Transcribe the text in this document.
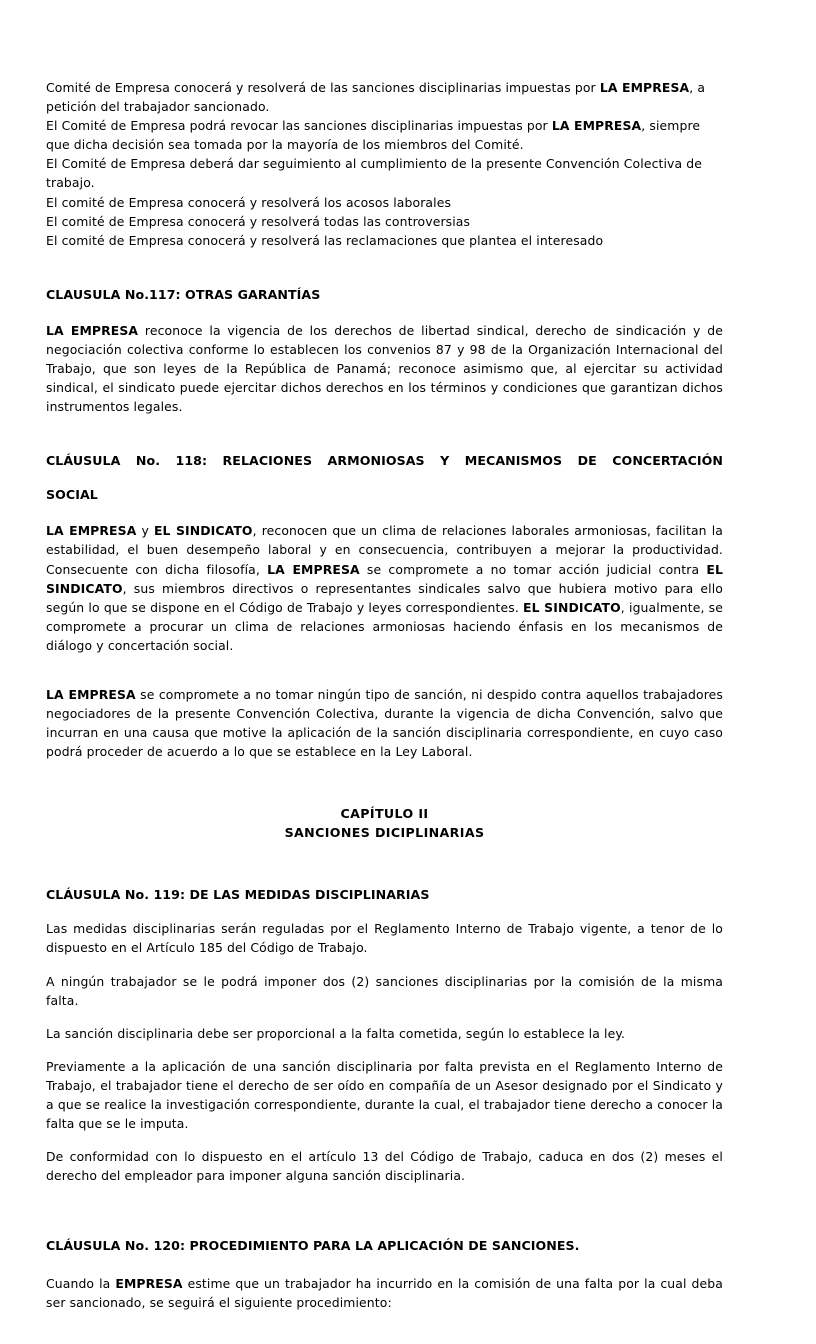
Comité de Empresa conocerá y resolverá de las sanciones disciplinarias impuestas por LA EMPRESA, a petición del trabajador sancionado.

El Comité de Empresa podrá revocar las sanciones disciplinarias impuestas por LA EMPRESA, siempre que dicha decisión sea tomada por la mayoría de los miembros del Comité.

El Comité de Empresa deberá dar seguimiento al cumplimiento de la presente Convención Colectiva de trabajo.

El comité de Empresa conocerá y resolverá los acosos laborales

El comité de Empresa conocerá y resolverá todas las controversias

El comité de Empresa conocerá y resolverá las reclamaciones que plantea el interesado

CLAUSULA No.117: OTRAS GARANTÍAS

LA EMPRESA reconoce la vigencia de los derechos de libertad sindical, derecho de sindicación y de negociación colectiva conforme lo establecen los convenios 87 y 98 de la Organización Internacional del Trabajo, que son leyes de la República de Panamá; reconoce asimismo que, al ejercitar su actividad sindical, el sindicato puede ejercitar dichos derechos en los términos y condiciones que garantizan dichos instrumentos legales.

CLÁUSULA No. 118: RELACIONES ARMONIOSAS Y MECANISMOS DE CONCERTACIÓN
SOCIAL

LA EMPRESA y EL SINDICATO, reconocen que un clima de relaciones laborales armoniosas, facilitan la estabilidad, el buen desempeño laboral y en consecuencia, contribuyen a mejorar la productividad. Consecuente con dicha filosofía, LA EMPRESA se compromete a no tomar acción judicial contra EL SINDICATO, sus miembros directivos o representantes sindicales salvo que hubiera motivo para ello según lo que se dispone en el Código de Trabajo y leyes correspondientes. EL SINDICATO, igualmente, se compromete a procurar un clima de relaciones armoniosas haciendo énfasis en los mecanismos de diálogo y concertación social.

LA EMPRESA se compromete a no tomar ningún tipo de sanción, ni despido contra aquellos trabajadores negociadores de la presente Convención Colectiva, durante la vigencia de dicha Convención, salvo que incurran en una causa que motive la aplicación de la sanción disciplinaria correspondiente, en cuyo caso podrá proceder de acuerdo a lo que se establece en la Ley Laboral.

CAPÍTULO II
SANCIONES DICIPLINARIAS
CLÁUSULA No. 119: DE LAS MEDIDAS DISCIPLINARIAS

Las medidas disciplinarias serán reguladas por el Reglamento Interno de Trabajo vigente, a tenor de lo dispuesto en el Artículo 185 del Código de Trabajo.

A ningún trabajador se le podrá imponer dos (2) sanciones disciplinarias por la comisión de la misma falta.

La sanción disciplinaria debe ser proporcional a la falta cometida, según lo establece la ley.

Previamente a la aplicación de una sanción disciplinaria por falta prevista en el Reglamento Interno de Trabajo, el trabajador tiene el derecho de ser oído en compañía de un Asesor designado por el Sindicato y a que se realice la investigación correspondiente, durante la cual, el trabajador tiene derecho a conocer la falta que se le imputa.

De conformidad con lo dispuesto en el artículo 13 del Código de Trabajo, caduca en dos (2) meses el derecho del empleador para imponer alguna sanción disciplinaria.

CLÁUSULA No. 120: PROCEDIMIENTO PARA LA APLICACIÓN DE SANCIONES.

Cuando la EMPRESA estime que un trabajador ha incurrido en la comisión de una falta por la cual deba ser sancionado, se seguirá el siguiente procedimiento:
